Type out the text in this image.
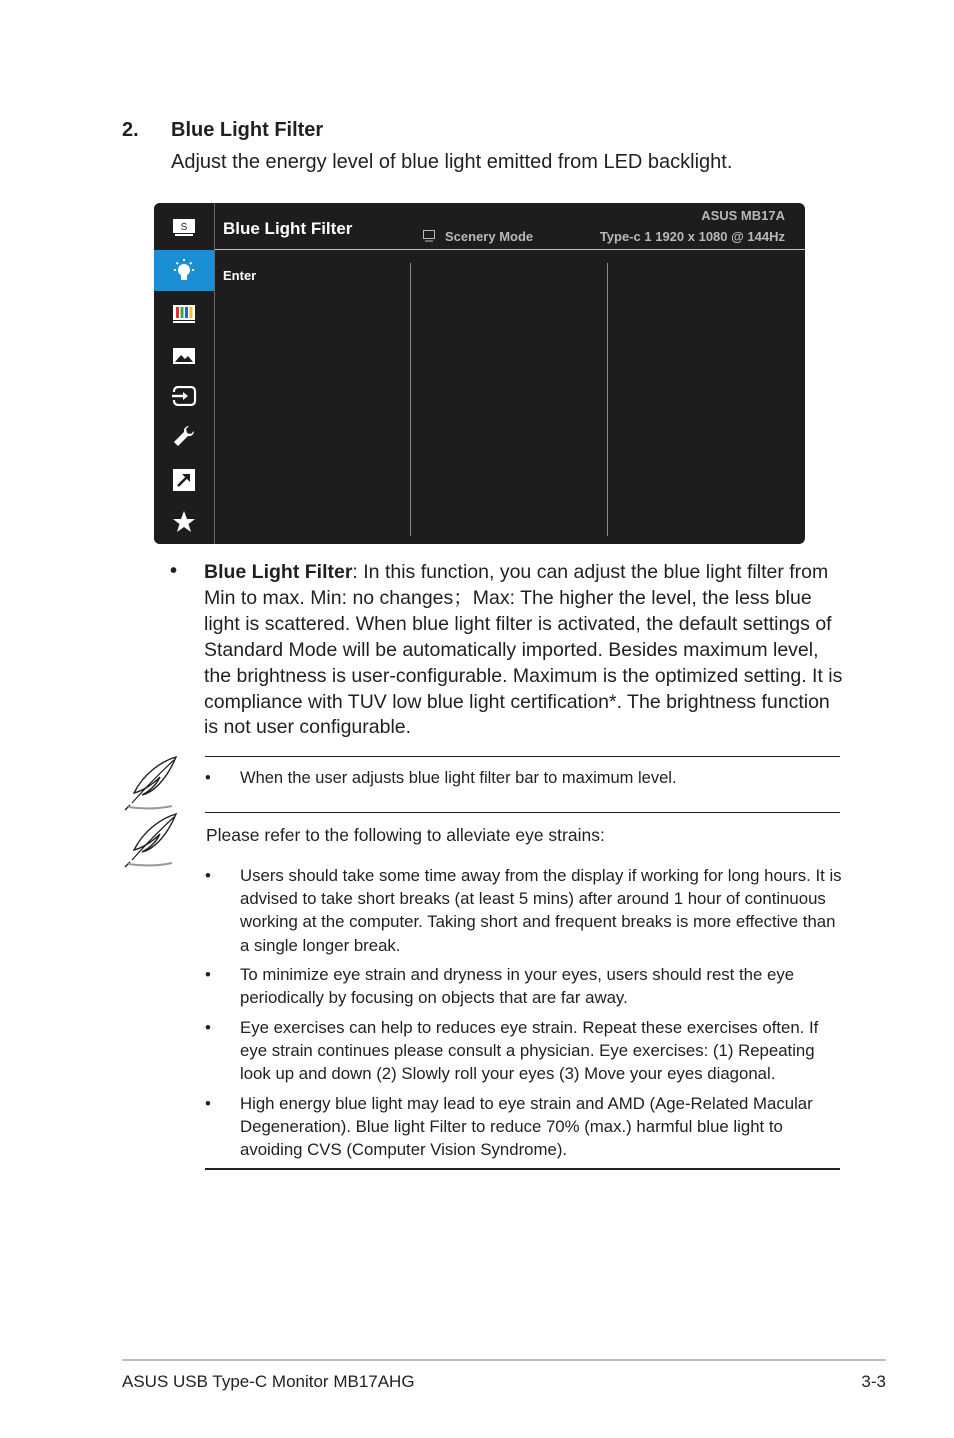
2. Blue Light Filter
Adjust the energy level of blue light emitted from LED backlight.
S Blue Light Filter
ASUS MB17A
Scenery Mode	Type-c 1 1920 x 1080 @ 144Hz
Enter
• Blue Light Filter: In this function, you can adjust the blue light filter from Min to max. Min: no changes；Max: The higher the level, the less blue light is scattered. When blue light filter is activated, the default settings of Standard Mode will be automatically imported. Besides maximum level, the brightness is user-configurable. Maximum is the optimized setting. It is compliance with TUV low blue light certification*. The brightness function is not user configurable.
• When the user adjusts blue light filter bar to maximum level.
Please refer to the following to alleviate eye strains:
• Users should take some time away from the display if working for long hours. It is advised to take short breaks (at least 5 mins) after around 1 hour of continuous working at the computer. Taking short and frequent breaks is more effective than a single longer break.
• To minimize eye strain and dryness in your eyes, users should rest the eye periodically by focusing on objects that are far away.
• Eye exercises can help to reduces eye strain. Repeat these exercises often. If eye strain continues please consult a physician. Eye exercises: (1) Repeating look up and down (2) Slowly roll your eyes (3) Move your eyes diagonal.
• High energy blue light may lead to eye strain and AMD (Age-Related Macular Degeneration). Blue light Filter to reduce 70% (max.) harmful blue light to avoiding CVS (Computer Vision Syndrome).
ASUS USB Type-C Monitor MB17AHG	3-3
